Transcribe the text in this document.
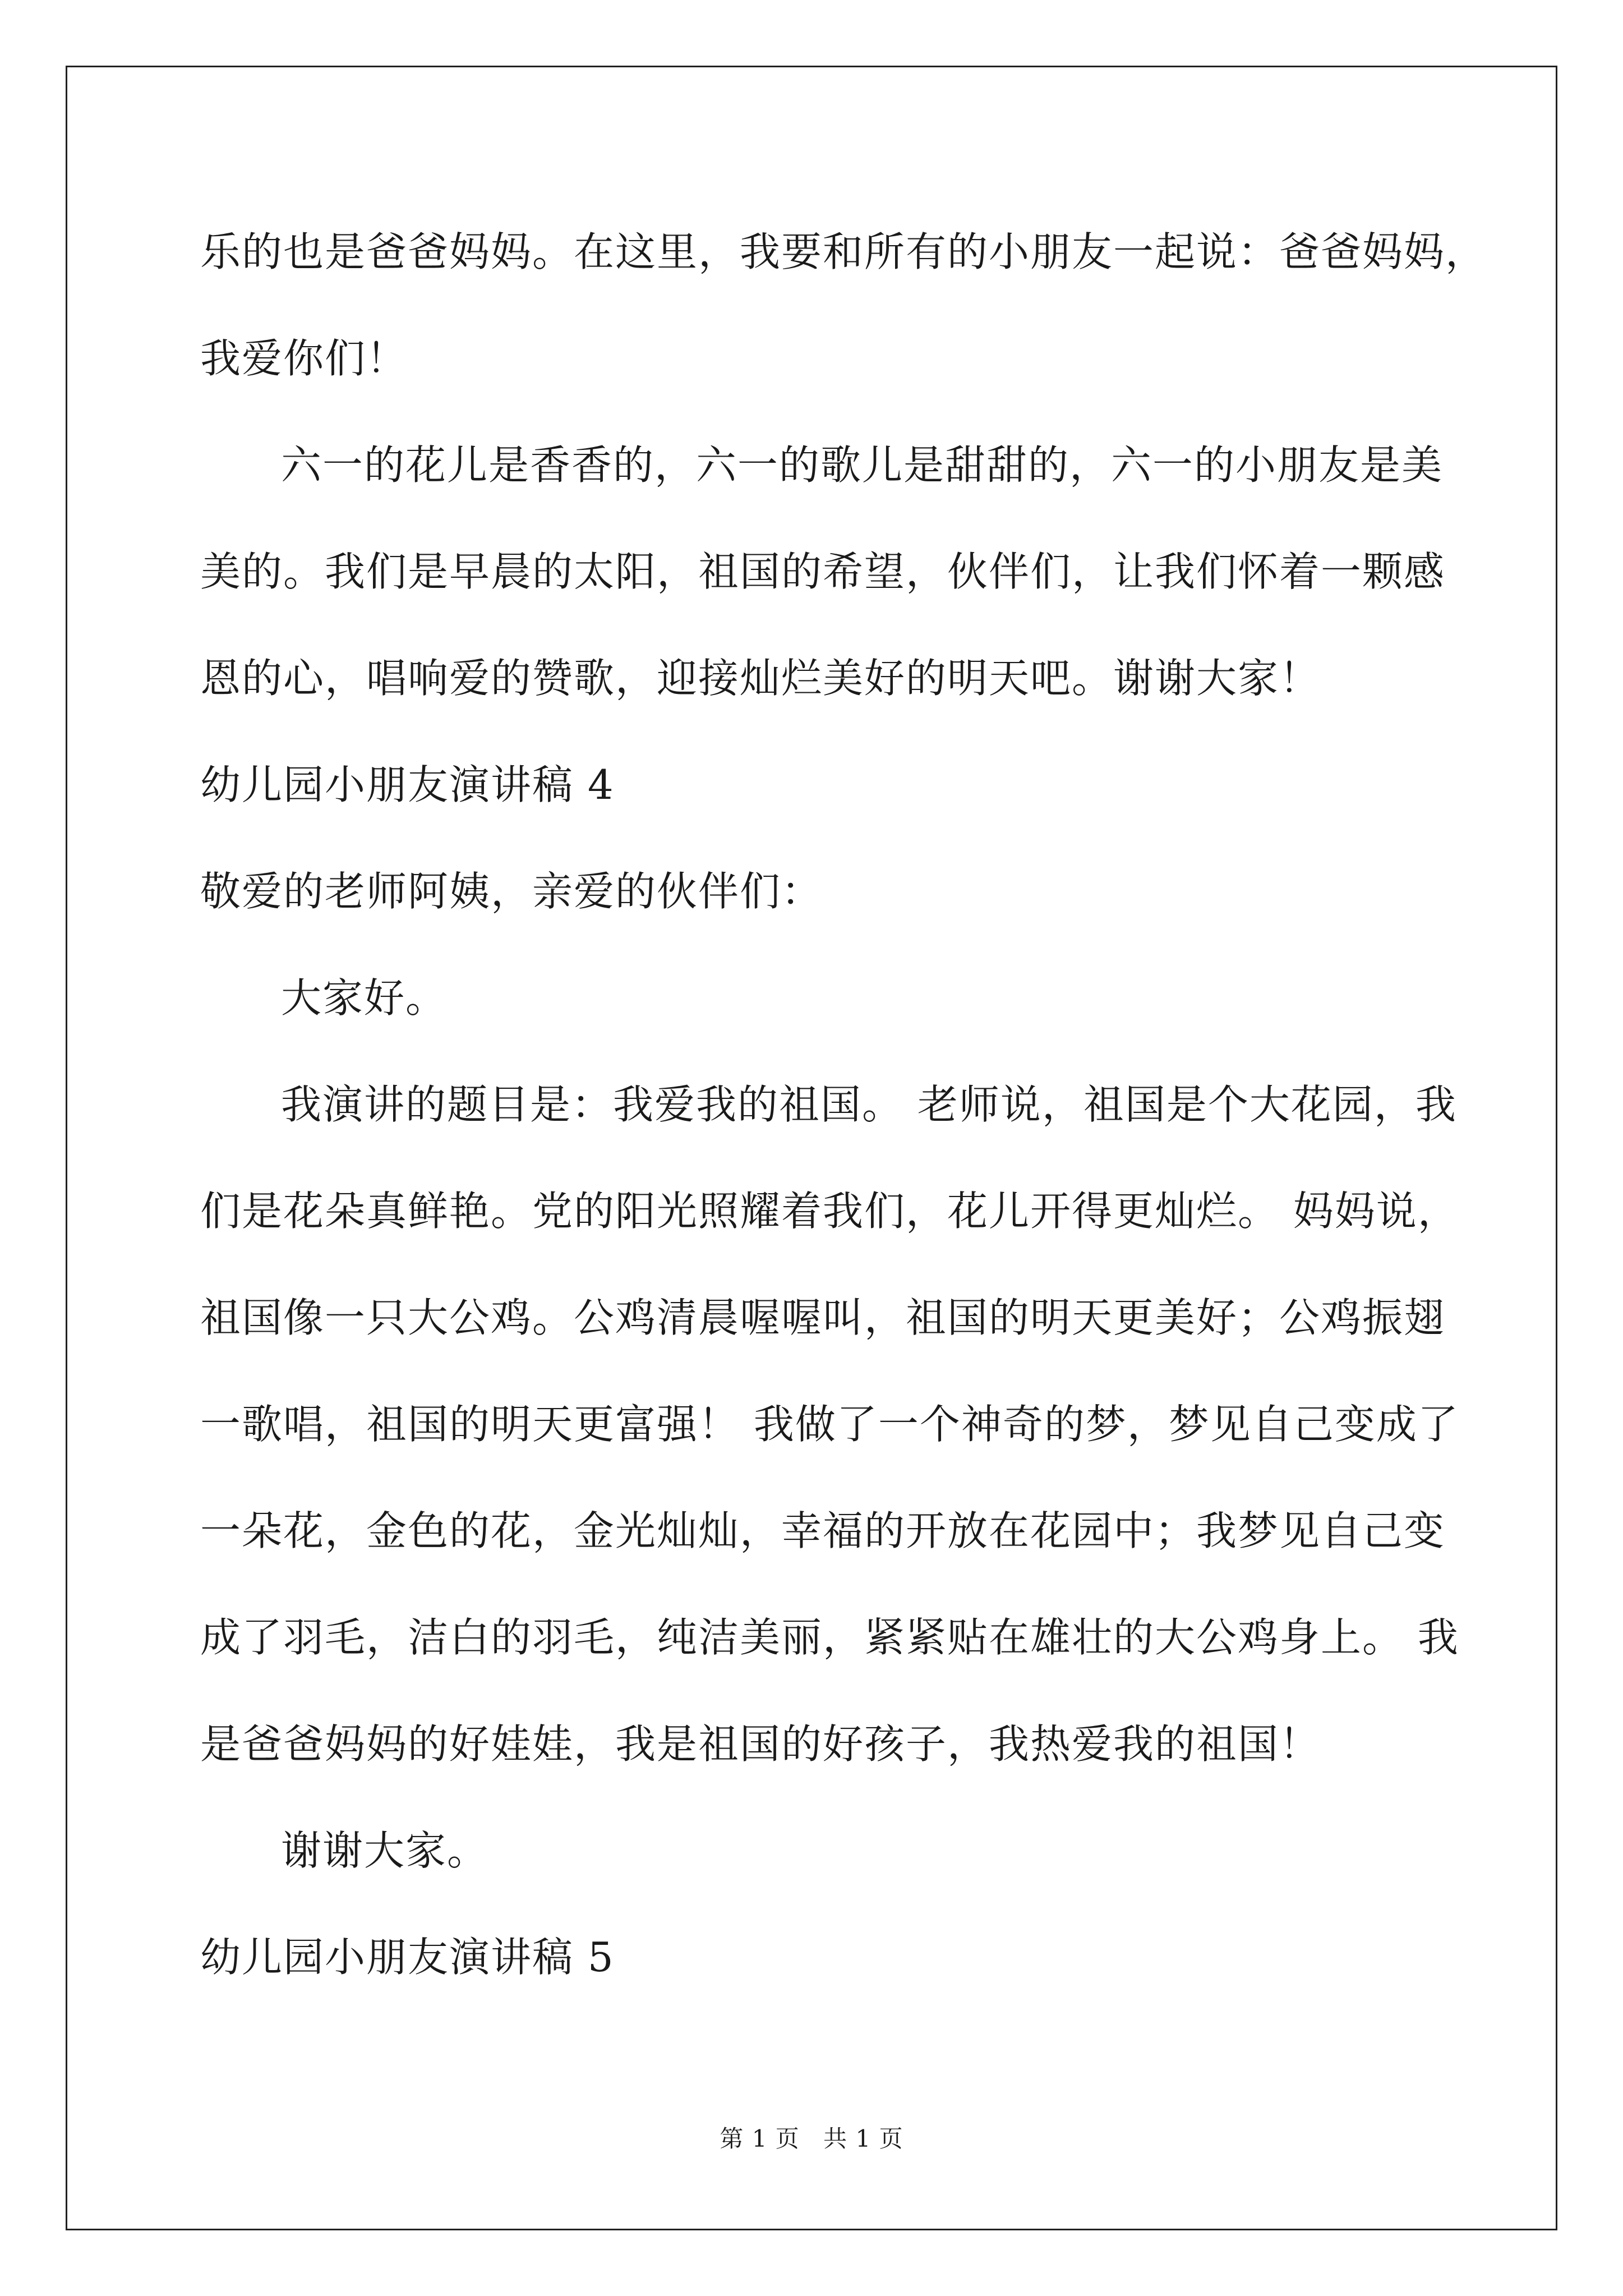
乐的也是爸爸妈妈。在这里，我要和所有的小朋友一起说：爸爸妈妈，
我爱你们！
六一的花儿是香香的，六一的歌儿是甜甜的，六一的小朋友是美
美的。我们是早晨的太阳，祖国的希望，伙伴们，让我们怀着一颗感
恩的心，唱响爱的赞歌，迎接灿烂美好的明天吧。谢谢大家！
幼儿园小朋友演讲稿 4
敬爱的老师阿姨，亲爱的伙伴们：
大家好。
我演讲的题目是：我爱我的祖国。 老师说，祖国是个大花园，我
们是花朵真鲜艳。党的阳光照耀着我们，花儿开得更灿烂。 妈妈说，
祖国像一只大公鸡。公鸡清晨喔喔叫，祖国的明天更美好；公鸡振翅
一歌唱，祖国的明天更富强！ 我做了一个神奇的梦，梦见自己变成了
一朵花，金色的花，金光灿灿，幸福的开放在花园中；我梦见自己变
成了羽毛，洁白的羽毛，纯洁美丽，紧紧贴在雄壮的大公鸡身上。 我
是爸爸妈妈的好娃娃，我是祖国的好孩子，我热爱我的祖国！
谢谢大家。
幼儿园小朋友演讲稿 5
第 1 页 共 1 页
